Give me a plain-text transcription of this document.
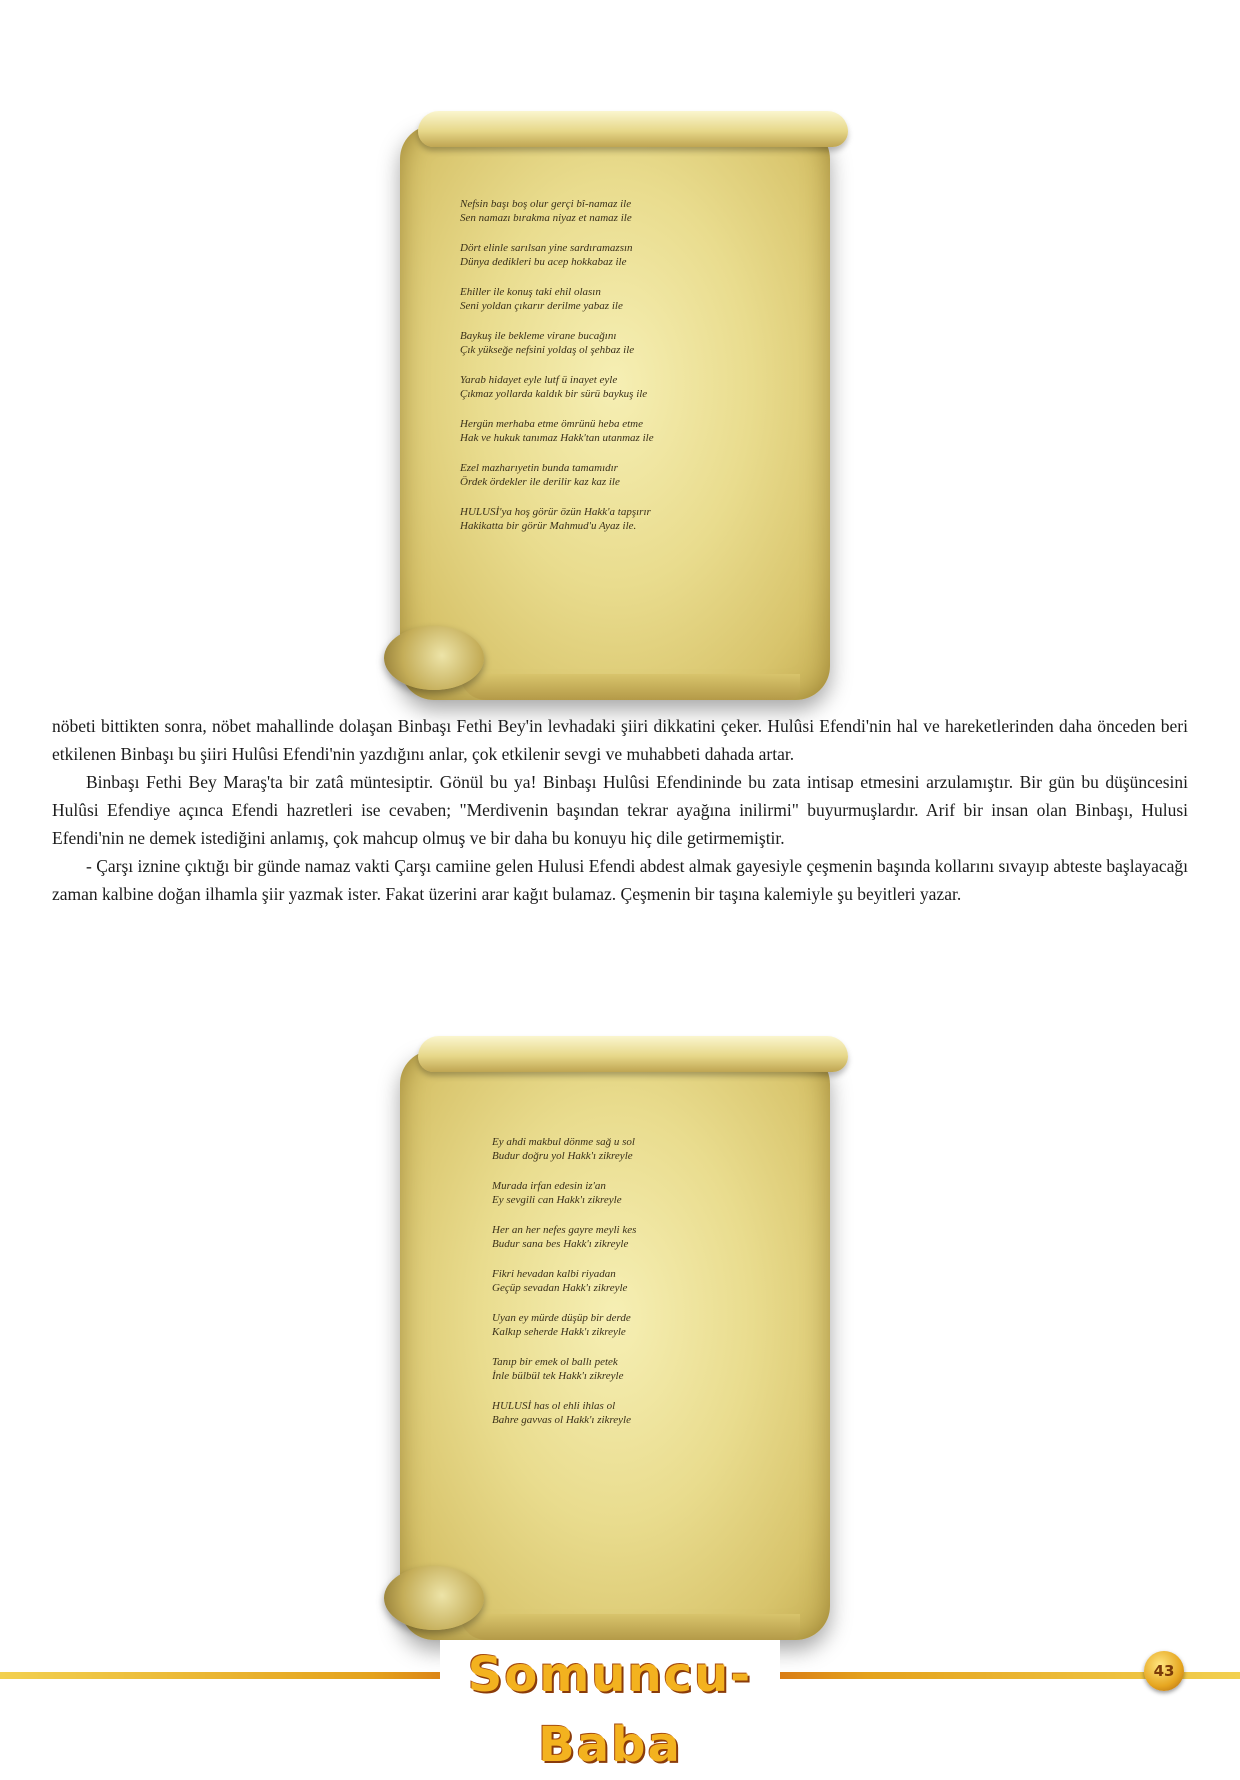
Nefsin başı boş olur gerçi bî-namaz ile
Sen namazı bırakma niyaz et namaz ile
Dört elinle sarılsan yine sardıramazsın
Dünya dedikleri bu acep hokkabaz ile
Ehiller ile konuş taki ehil olasın
Seni yoldan çıkarır derilme yabaz ile
Baykuş ile bekleme virane bucağını
Çık yükseğe nefsini yoldaş ol şehbaz ile
Yarab hidayet eyle lutf ü inayet eyle
Çıkmaz yollarda kaldık bir sürü baykuş ile
Hergün merhaba etme ömrünü heba etme
Hak ve hukuk tanımaz Hakk'tan utanmaz ile
Ezel mazharıyetin bunda tamamıdır
Ördek ördekler ile derilir kaz kaz ile
HULUSİ'ya hoş görür özün Hakk'a tapşırır
Hakikatta bir görür Mahmud'u Ayaz ile.

nöbeti bittikten sonra, nöbet mahallinde dolaşan Binbaşı Fethi Bey'in levhadaki şiiri dikkatini çeker. Hulûsi Efendi'nin hal ve hareketlerinden daha önceden beri etkilenen Binbaşı bu şiiri Hulûsi Efendi'nin yazdığını anlar, çok etkilenir sevgi ve muhabbeti dahada artar.

Binbaşı Fethi Bey Maraş'ta bir zatâ müntesiptir. Gönül bu ya! Binbaşı Hulûsi Efendininde bu zata intisap etmesini arzulamıştır. Bir gün bu düşüncesini Hulûsi Efendiye açınca Efendi hazretleri ise cevaben; "Merdivenin başından tekrar ayağına inilirmi" buyurmuşlardır. Arif bir insan olan Binbaşı, Hulusi Efendi'nin ne demek istediğini anlamış, çok mahcup olmuş ve bir daha bu konuyu hiç dile getirmemiştir.

- Çarşı iznine çıktığı bir günde namaz vakti Çarşı camiine gelen Hulusi Efendi abdest almak gayesiyle çeşmenin başında kollarını sıvayıp abteste başlayacağı zaman kalbine doğan ilhamla şiir yazmak ister. Fakat üzerini arar kağıt bulamaz. Çeşmenin bir taşına kalemiyle şu beyitleri yazar.

Ey ahdi makbul dönme sağ u sol
Budur doğru yol Hakk'ı zikreyle
Murada irfan edesin iz'an
Ey sevgili can Hakk'ı zikreyle
Her an her nefes gayre meyli kes
Budur sana bes Hakk'ı zikreyle
Fikri hevadan kalbi riyadan
Geçüp sevadan Hakk'ı zikreyle
Uyan ey mürde düşüp bir derde
Kalkıp seherde Hakk'ı zikreyle
Tanıp bir emek ol ballı petek
İnle bülbül tek Hakk'ı zikreyle
HULUSİ has ol ehli ihlas ol
Bahre gavvas ol Hakk'ı zikreyle
Somuncu-Baba
43
